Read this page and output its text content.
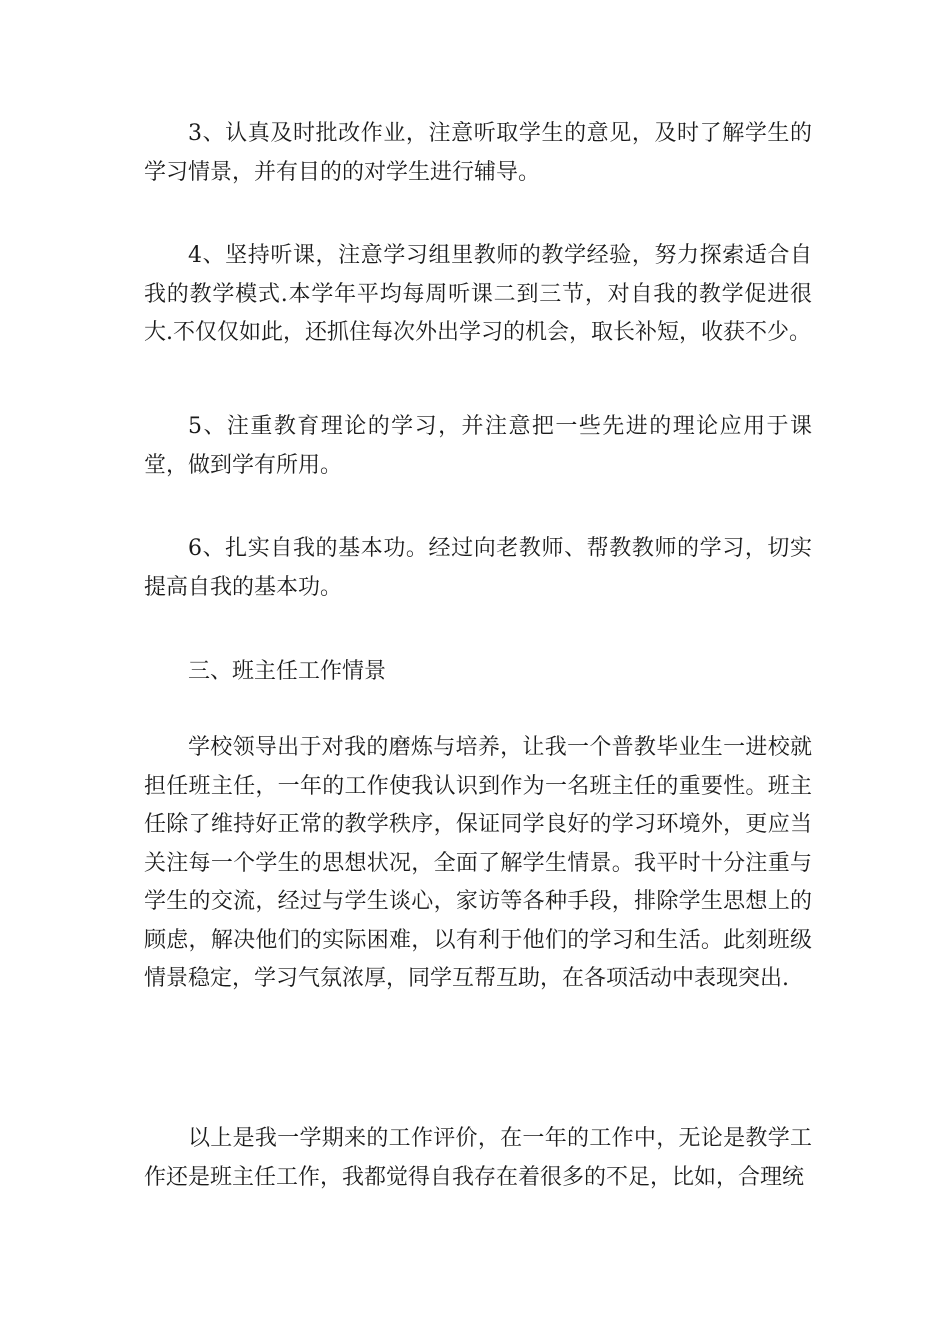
3、认真及时批改作业，注意听取学生的意见，及时了解学生的学习情景，并有目的的对学生进行辅导。

4、坚持听课，注意学习组里教师的教学经验，努力探索适合自我的教学模式.本学年平均每周听课二到三节，对自我的教学促进很大.不仅仅如此，还抓住每次外出学习的机会，取长补短，收获不少。

5、注重教育理论的学习，并注意把一些先进的理论应用于课堂，做到学有所用。

6、扎实自我的基本功。经过向老教师、帮教教师的学习，切实提高自我的基本功。

三、班主任工作情景

学校领导出于对我的磨炼与培养，让我一个普教毕业生一进校就担任班主任，一年的工作使我认识到作为一名班主任的重要性。班主任除了维持好正常的教学秩序，保证同学良好的学习环境外，更应当关注每一个学生的思想状况，全面了解学生情景。我平时十分注重与学生的交流，经过与学生谈心，家访等各种手段，排除学生思想上的顾虑，解决他们的实际困难，以有利于他们的学习和生活。此刻班级情景稳定，学习气氛浓厚，同学互帮互助，在各项活动中表现突出.

以上是我一学期来的工作评价，在一年的工作中，无论是教学工作还是班主任工作，我都觉得自我存在着很多的不足，比如，合理统
